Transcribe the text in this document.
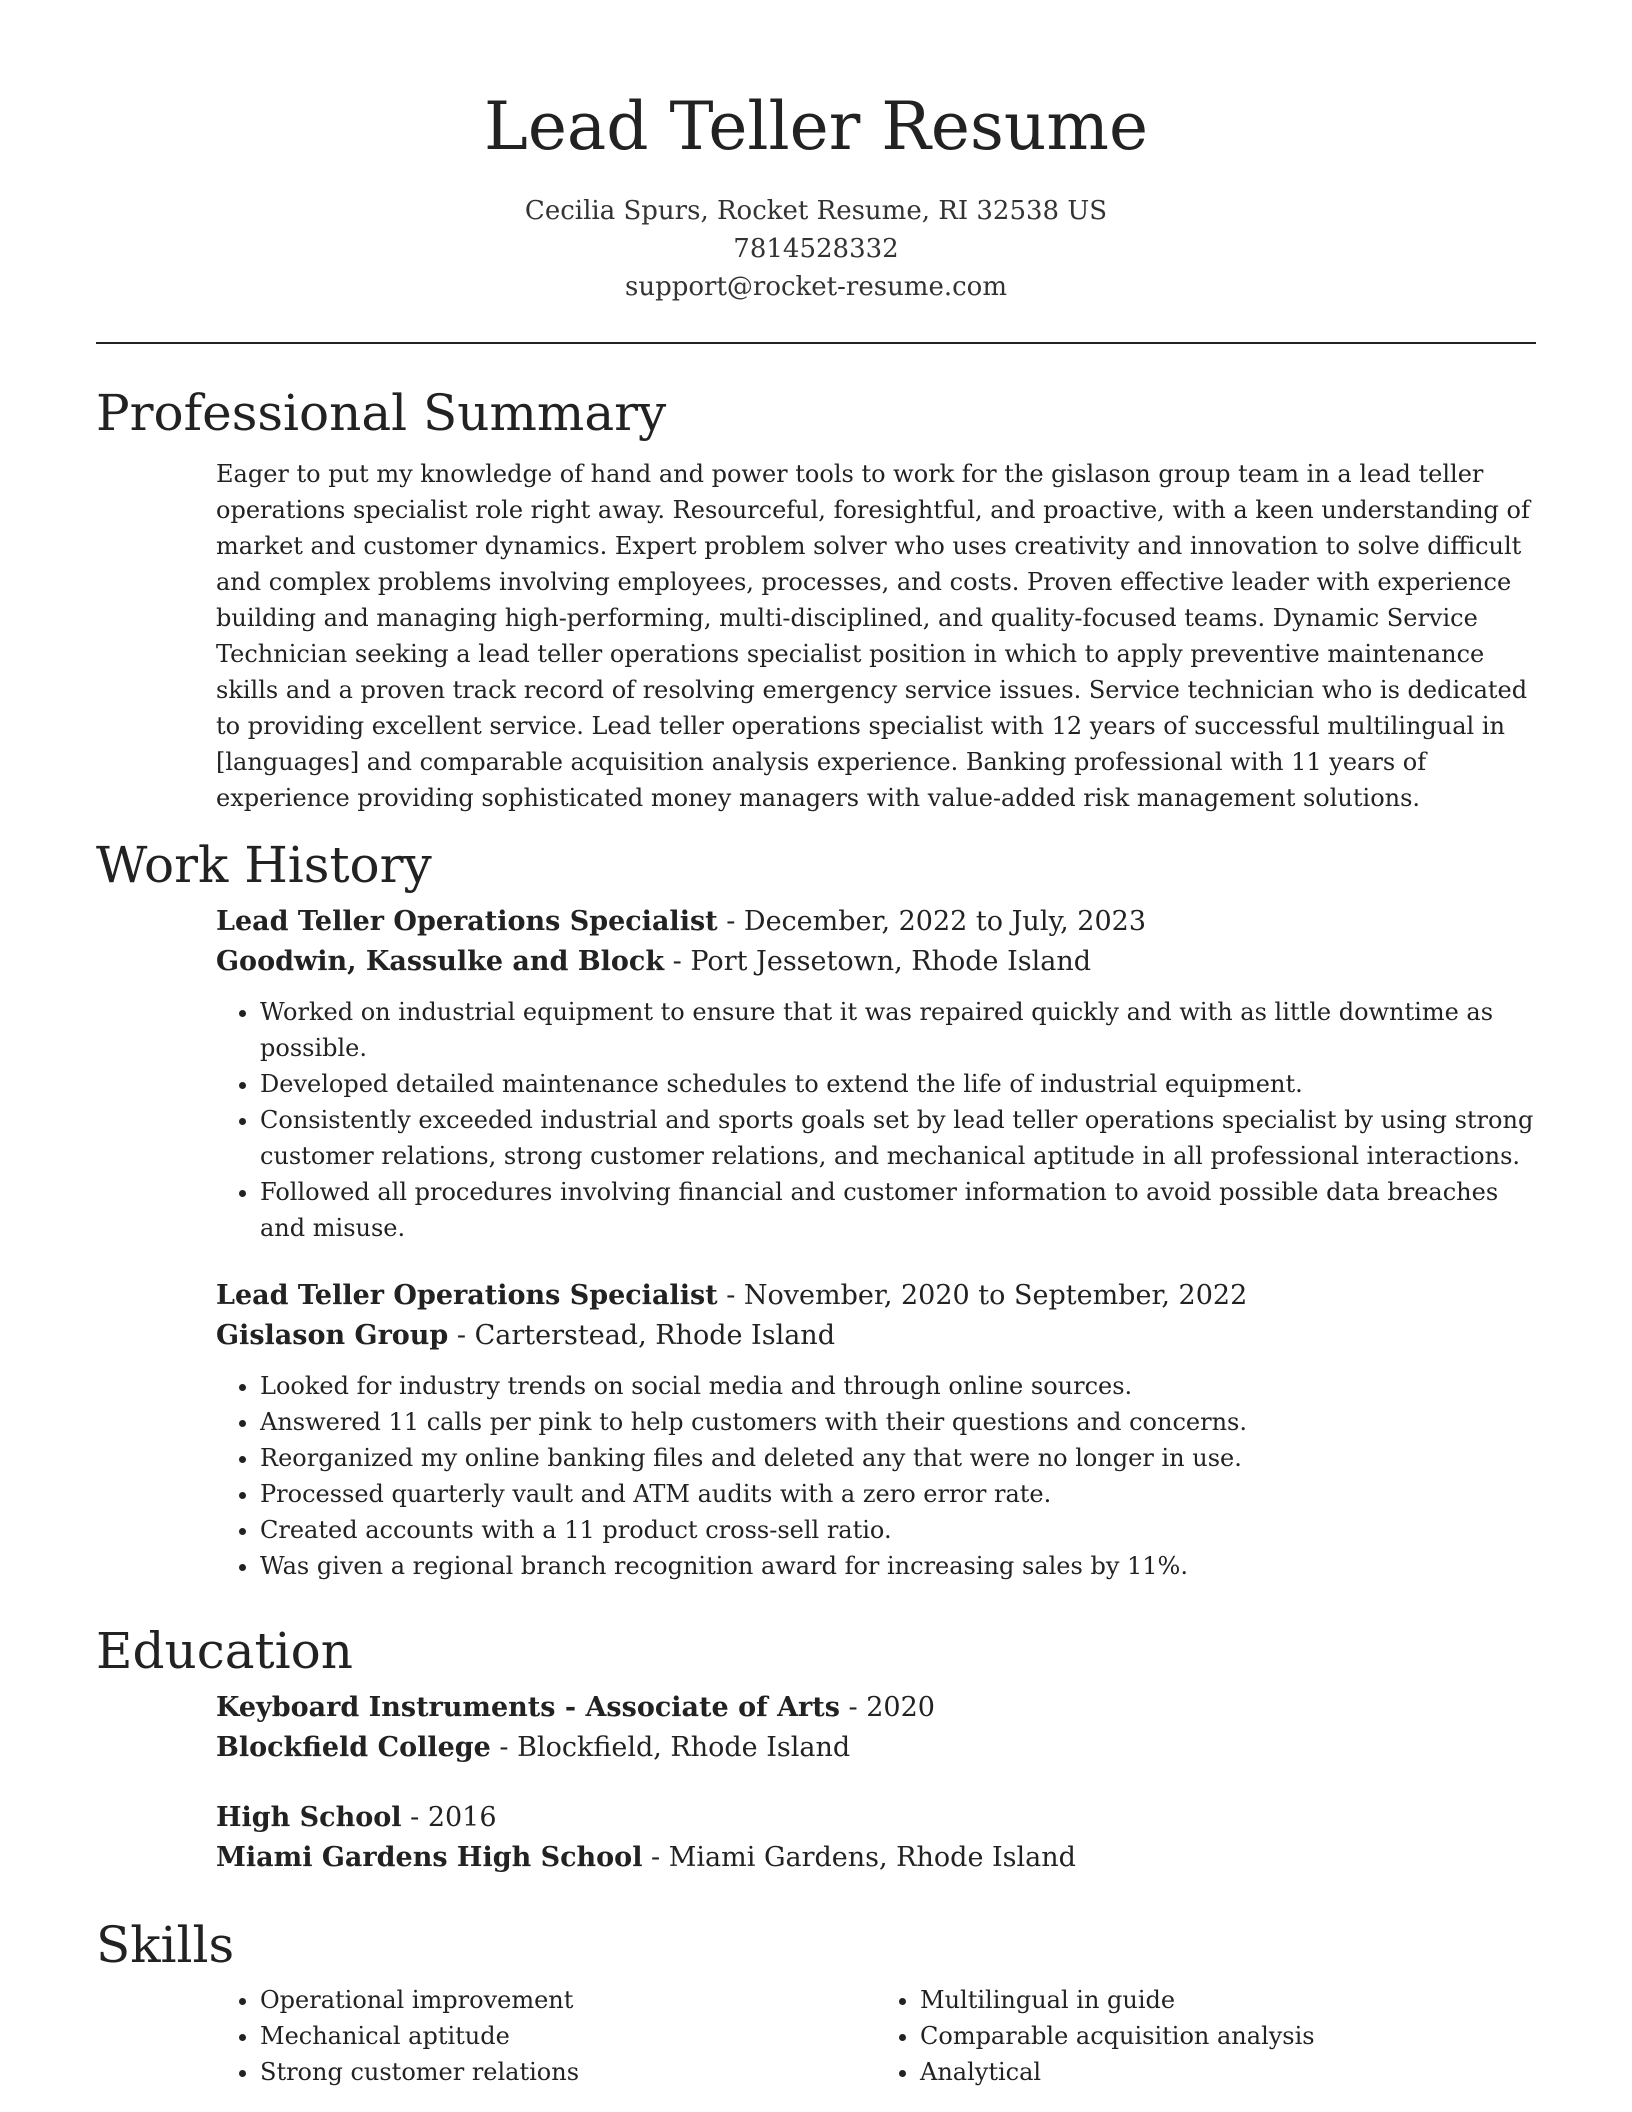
Lead Teller Resume
Cecilia Spurs, Rocket Resume, RI 32538 US
7814528332
support@rocket-resume.com
Professional Summary

Eager to put my knowledge of hand and power tools to work for the gislason group team in a lead teller operations specialist role right away. Resourceful, foresightful, and proactive, with a keen understanding of market and customer dynamics. Expert problem solver who uses creativity and innovation to solve difficult and complex problems involving employees, processes, and costs. Proven effective leader with experience building and managing high-performing, multi-disciplined, and quality-focused teams. Dynamic Service Technician seeking a lead teller operations specialist position in which to apply preventive maintenance skills and a proven track record of resolving emergency service issues. Service technician who is dedicated to providing excellent service. Lead teller operations specialist with 12 years of successful multilingual in [languages] and comparable acquisition analysis experience. Banking professional with 11 years of experience providing sophisticated money managers with value-added risk management solutions.

Work History
Lead Teller Operations Specialist - December, 2022 to July, 2023
Goodwin, Kassulke and Block - Port Jessetown, Rhode Island
• Worked on industrial equipment to ensure that it was repaired quickly and with as little downtime as possible.
• Developed detailed maintenance schedules to extend the life of industrial equipment.
• Consistently exceeded industrial and sports goals set by lead teller operations specialist by using strong customer relations, strong customer relations, and mechanical aptitude in all professional interactions.
• Followed all procedures involving financial and customer information to avoid possible data breaches and misuse.
Lead Teller Operations Specialist - November, 2020 to September, 2022
Gislason Group - Carterstead, Rhode Island
• Looked for industry trends on social media and through online sources.
• Answered 11 calls per pink to help customers with their questions and concerns.
• Reorganized my online banking files and deleted any that were no longer in use.
• Processed quarterly vault and ATM audits with a zero error rate.
• Created accounts with a 11 product cross-sell ratio.
• Was given a regional branch recognition award for increasing sales by 11%.
Education
Keyboard Instruments - Associate of Arts - 2020
Blockfield College - Blockfield, Rhode Island
High School - 2016
Miami Gardens High School - Miami Gardens, Rhode Island
Skills
• Operational improvement
• Mechanical aptitude
• Strong customer relations
• Multilingual in guide
• Comparable acquisition analysis
• Analytical
